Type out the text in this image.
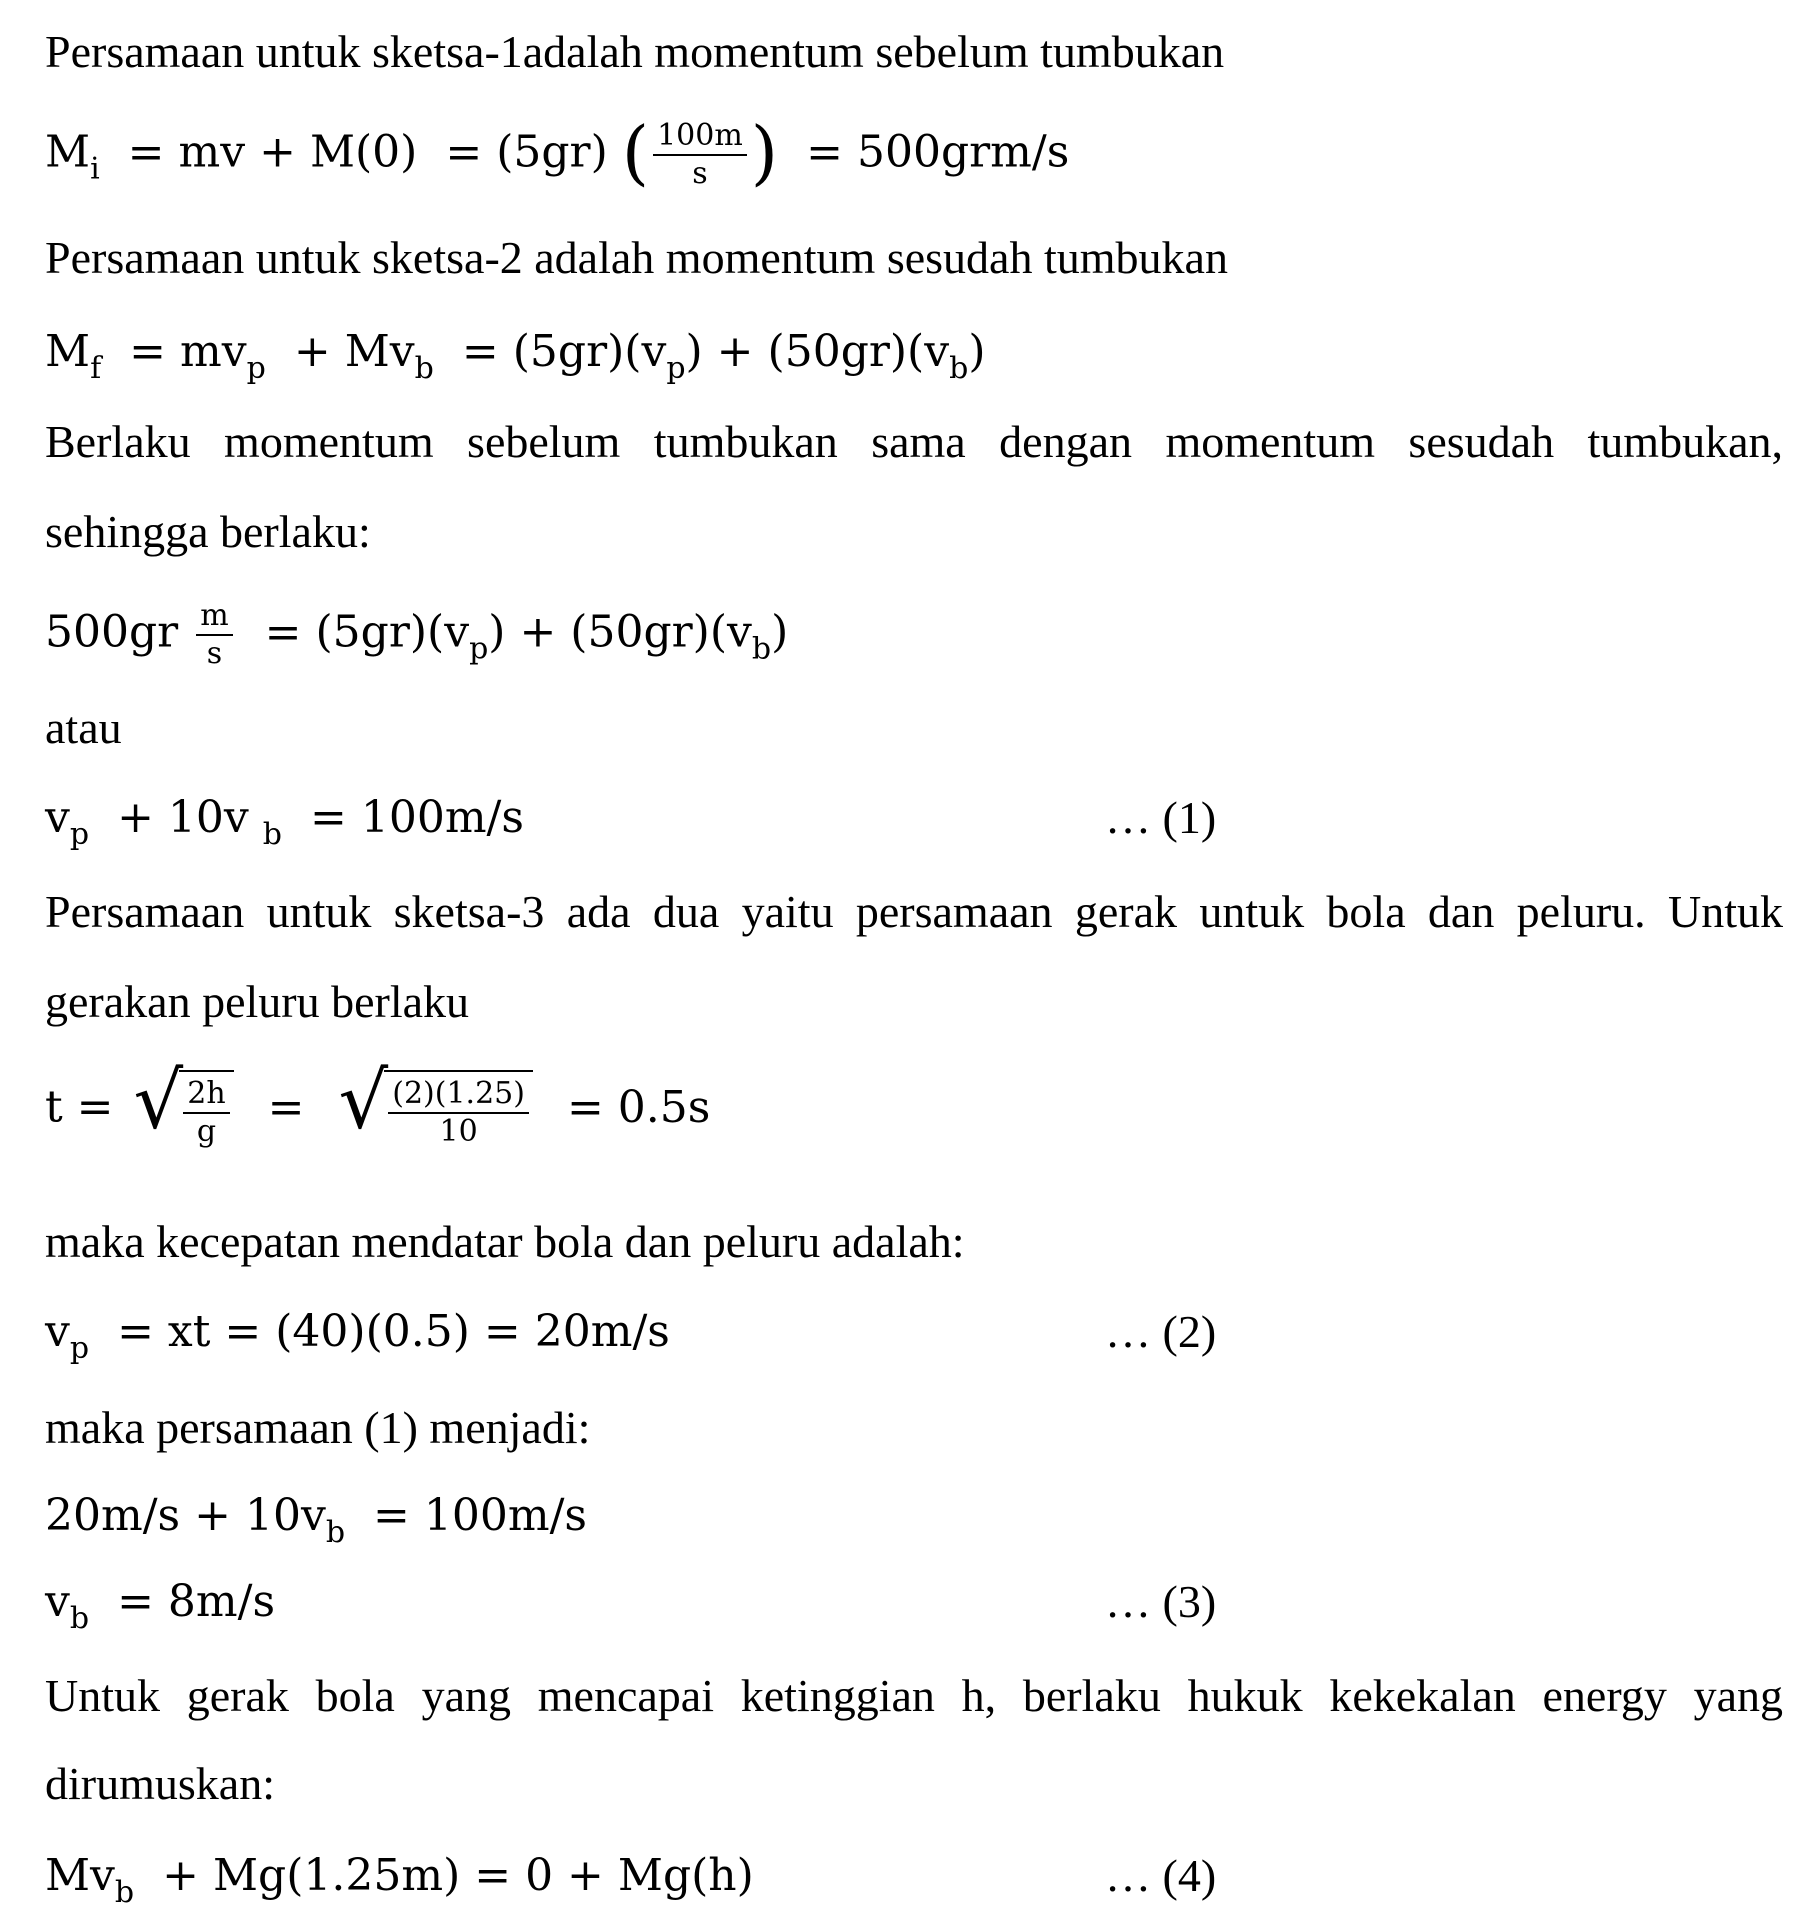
Persamaan untuk sketsa-1adalah momentum sebelum tumbukan
$M_i$ = mv + M(0) = (5gr) ( $\frac{100m}{s}$ ) = 500grm/s
Persamaan untuk sketsa-2 adalah momentum sesudah tumbukan
$M_f = mv_p + Mv_b = (5gr)(v_p) + (50gr)(v_b)$
Berlaku momentum sebelum tumbukan sama dengan momentum sesudah tumbukan,
sehingga berlaku:
$500gr \frac{m}{s} = (5gr)(v_p) + (50gr)(v_b)$
atau
$v_p + 10v$ $_b$ = 100m/s	… (1)
Persamaan untuk sketsa-3 ada dua yaitu persamaan gerak untuk bola dan peluru. Untuk
gerakan peluru berlaku
t = √ $\frac{2h}{g}$ = √ $\frac{(2)(1.25)}{10} = 0.5s$
maka kecepatan mendatar bola dan peluru adalah:
$v_p$ = xt = (40)(0.5) = 20m/s	… (2)
maka persamaan (1) menjadi:
$20m/s + 10v_b = 100m/s$
$v_b = 8m/s$	… (3)
Untuk gerak bola yang mencapai ketinggian h, berlaku hukuk kekekalan energy yang
dirumuskan:
$Mv_b + Mg(1.25m) = 0 + Mg(h)$	… (4)
